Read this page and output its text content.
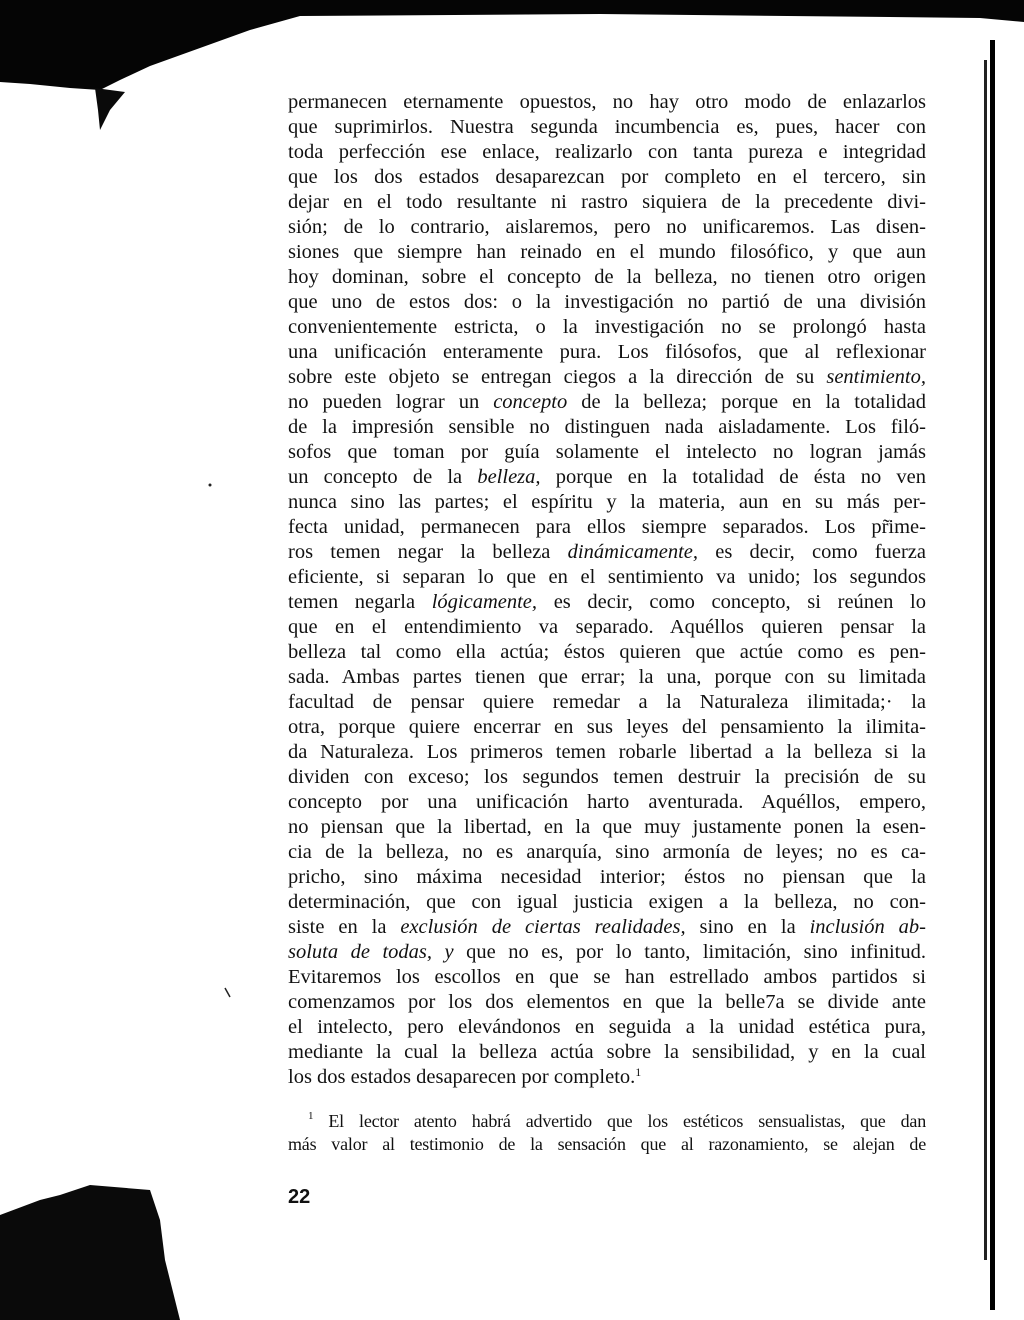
permanecen eternamente opuestos, no hay otro modo de enlazarlos
que suprimirlos. Nuestra segunda incumbencia es, pues, hacer con
toda perfección ese enlace, realizarlo con tanta pureza e integridad
que los dos estados desaparezcan por completo en el tercero, sin
dejar en el todo resultante ni rastro siquiera de la precedente divi-
sión; de lo contrario, aislaremos, pero no unificaremos. Las disen-
siones que siempre han reinado en el mundo filosófico, y que aun
hoy dominan, sobre el concepto de la belleza, no tienen otro origen
que uno de estos dos: o la investigación no partió de una división
convenientemente estricta, o la investigación no se prolongó hasta
una unificación enteramente pura. Los filósofos, que al reflexionar
sobre este objeto se entregan ciegos a la dirección de su sentimiento,
no pueden lograr un concepto de la belleza; porque en la totalidad
de la impresión sensible no distinguen nada aisladamente. Los filó-
sofos que toman por guía solamente el intelecto no logran jamás
un concepto de la belleza, porque en la totalidad de ésta no ven
nunca sino las partes; el espíritu y la materia, aun en su más per-
fecta unidad, permanecen para ellos siempre separados. Los pr̃ime-
ros temen negar la belleza dinámicamente, es decir, como fuerza
eficiente, si separan lo que en el sentimiento va unido; los segundos
temen negarla lógicamente, es decir, como concepto, si reúnen lo
que en el entendimiento va separado. Aquéllos quieren pensar la
belleza tal como ella actúa; éstos quieren que actúe como es pen-
sada. Ambas partes tienen que errar; la una, porque con su limitada
facultad de pensar quiere remedar a la Naturaleza ilimitada;· la
otra, porque quiere encerrar en sus leyes del pensamiento la ilimita-
da Naturaleza. Los primeros temen robarle libertad a la belleza si la
dividen con exceso; los segundos temen destruir la precisión de su
concepto por una unificación harto aventurada. Aquéllos, empero,
no piensan que la libertad, en la que muy justamente ponen la esen-
cia de la belleza, no es anarquía, sino armonía de leyes; no es ca-
pricho, sino máxima necesidad interior; éstos no piensan que la
determinación, que con igual justicia exigen a la belleza, no con-
siste en la exclusión de ciertas realidades, sino en la inclusión ab-
soluta de todas, y que no es, por lo tanto, limitación, sino infinitud.
Evitaremos los escollos en que se han estrellado ambos partidos si
comenzamos por los dos elementos en que la belle7a se divide ante
el intelecto, pero elevándonos en seguida a la unidad estética pura,
mediante la cual la belleza actúa sobre la sensibilidad, y en la cual
los dos estados desaparecen por completo.$^1$
$^1$ El lector atento habrá advertido que los estéticos sensualistas, que dan
más valor al testimonio de la sensación que al razonamiento, se alejan de
22
